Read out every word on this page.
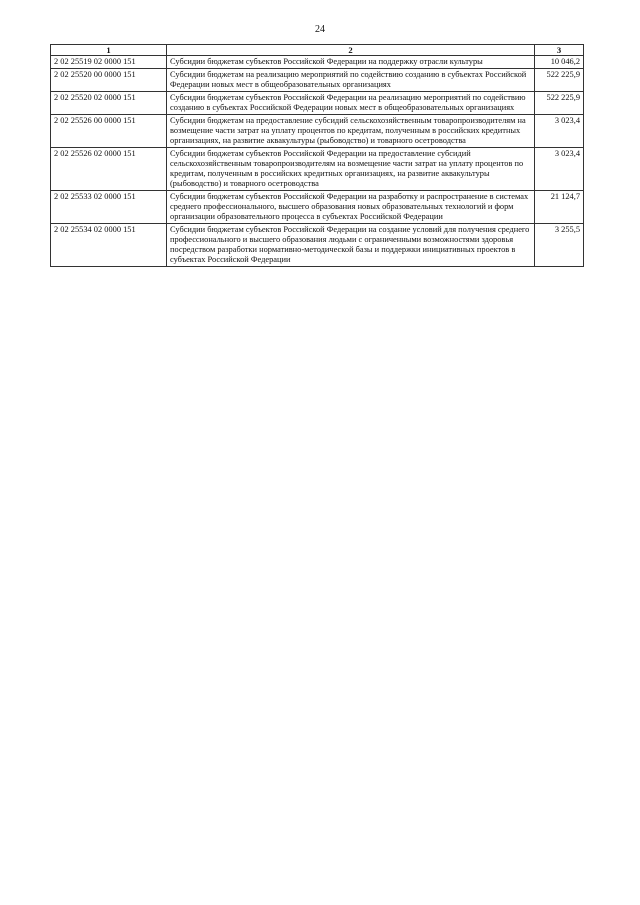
24
1	2	3
2 02 25519 02 0000 151	Субсидии бюджетам субъектов Российской Федерации на поддержку отрасли культуры	10 046,2
2 02 25520 00 0000 151	Субсидии бюджетам на реализацию мероприятий по содействию созданию в субъектах Российской Федерации новых мест в общеобразовательных организациях	522 225,9
2 02 25520 02 0000 151	Субсидии бюджетам субъектов Российской Федерации на реализацию мероприятий по содействию созданию в субъектах Российской Федерации новых мест в общеобразовательных организациях	522 225,9
2 02 25526 00 0000 151	Субсидии бюджетам на предоставление субсидий сельскохозяйственным товаропроизводителям на возмещение части затрат на уплату процентов по кредитам, полученным в российских кредитных организациях, на развитие аквакультуры (рыбоводство) и товарного осетроводства	3 023,4
2 02 25526 02 0000 151	Субсидии бюджетам субъектов Российской Федерации на предоставление субсидий сельскохозяйственным товаропроизводителям на возмещение части затрат на уплату процентов по кредитам, полученным в российских кредитных организациях, на развитие аквакультуры (рыбоводство) и товарного осетроводства	3 023,4
2 02 25533 02 0000 151	Субсидии бюджетам субъектов Российской Федерации на разработку и распространение в системах среднего профессионального, высшего образования новых образовательных технологий и форм организации образовательного процесса в субъектах Российской Федерации	21 124,7
2 02 25534 02 0000 151	Субсидии бюджетам субъектов Российской Федерации на создание условий для получения среднего профессионального и высшего образования людьми с ограниченными возможностями здоровья посредством разработки нормативно-методической базы и поддержки инициативных проектов в субъектах Российской Федерации	3 255,5
